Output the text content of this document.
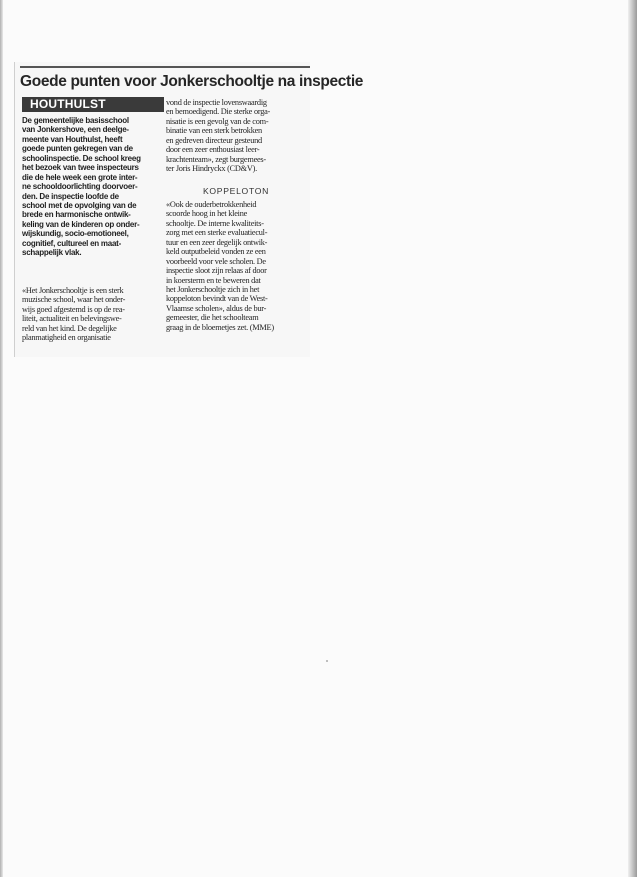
Goede punten voor Jonkerschooltje na inspectie
HOUTHULST
De gemeentelijke basisschool
van Jonkershove, een deelge-
meente van Houthulst, heeft
goede punten gekregen van de
schoolinspectie. De school kreeg
het bezoek van twee inspecteurs
die de hele week een grote inter-
ne schooldoorlichting doorvoer-
den. De inspectie loofde de
school met de opvolging van de
brede en harmonische ontwik-
keling van de kinderen op onder-
wijskundig, socio-emotioneel,
cognitief, cultureel en maat-
schappelijk vlak.
«Het Jonkerschooltje is een sterk
muzische school, waar het onder-
wijs goed afgestemd is op de rea-
liteit, actualiteit en belevingswe-
reld van het kind. De degelijke
planmatigheid en organisatie
vond de inspectie lovenswaardig
en bemoedigend. Die sterke orga-
nisatie is een gevolg van de com-
binatie van een sterk betrokken
en gedreven directeur gesteund
door een zeer enthousiast leer-
krachtenteam», zegt burgemees-
ter Joris Hindryckx (CD&V).
KOPPELOTON
«Ook de ouderbetrokkenheid
scoorde hoog in het kleine
schooltje. De interne kwaliteits-
zorg met een sterke evaluatiecul-
tuur en een zeer degelijk ontwik-
keld outputbeleid vonden ze een
voorbeeld voor vele scholen. De
inspectie sloot zijn relaas af door
in koersterm en te beweren dat
het Jonkerschooltje zich in het
koppeloton bevindt van de West-
Vlaamse scholen», aldus de bur-
gemeester, die het schoolteam
graag in de bloemetjes zet. (MME)
